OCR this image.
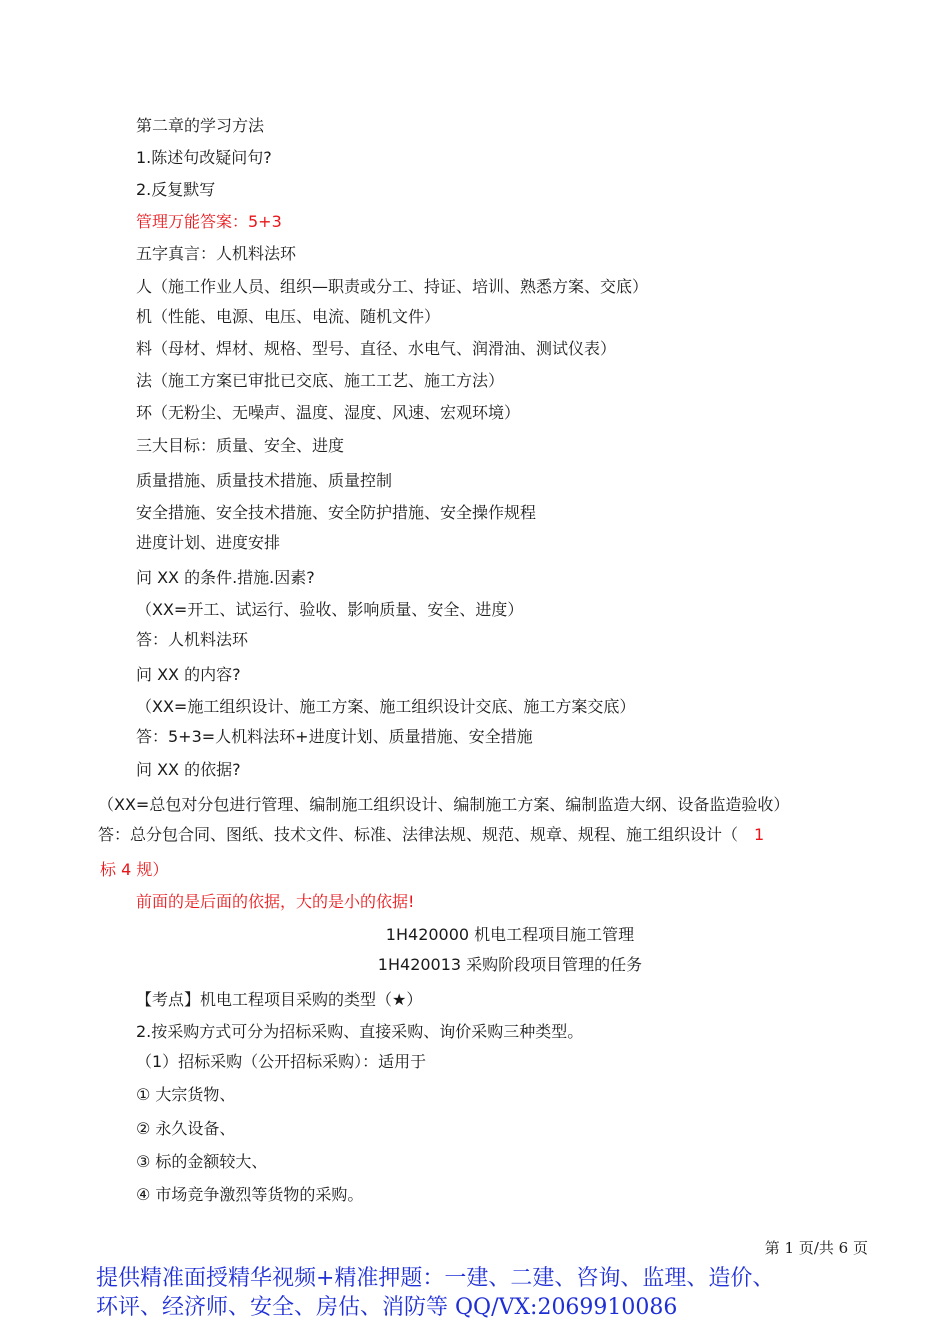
第二章的学习方法
1.陈述句改疑问句?
2.反复默写
管理万能答案：5+3
五字真言：人机料法环
人（施工作业人员、组织—职责或分工、持证、培训、熟悉方案、交底）
机（性能、电源、电压、电流、随机文件）
料（母材、焊材、规格、型号、直径、水电气、润滑油、测试仪表）
法（施工方案已审批已交底、施工工艺、施工方法）
环（无粉尘、无噪声、温度、湿度、风速、宏观环境）
三大目标：质量、安全、进度
质量措施、质量技术措施、质量控制
安全措施、安全技术措施、安全防护措施、安全操作规程
进度计划、进度安排
问 XX 的条件.措施.因素?
（XX=开工、试运行、验收、影响质量、安全、进度）
答：人机料法环
问 XX 的内容?
（XX=施工组织设计、施工方案、施工组织设计交底、施工方案交底）
答：5+3=人机料法环+进度计划、质量措施、安全措施
问 XX 的依据?
（XX=总包对分包进行管理、编制施工组织设计、编制施工方案、编制监造大纲、设备监造验收）
答：总分包合同、图纸、技术文件、标准、法律法规、规范、规章、规程、施工组织设计（ 1
标 4 规）
前面的是后面的依据，大的是小的依据!
1H420000 机电工程项目施工管理
1H420013 采购阶段项目管理的任务
【考点】机电工程项目采购的类型（★）
2.按采购方式可分为招标采购、直接采购、询价采购三种类型。
（1）招标采购（公开招标采购）：适用于
① 大宗货物、
② 永久设备、
③ 标的金额较大、
④ 市场竞争激烈等货物的采购。
第 1 页/共 6 页
提供精准面授精华视频+精准押题：一建、二建、咨询、监理、造价、
环评、经济师、安全、房估、消防等 QQ/VX:2069910086
